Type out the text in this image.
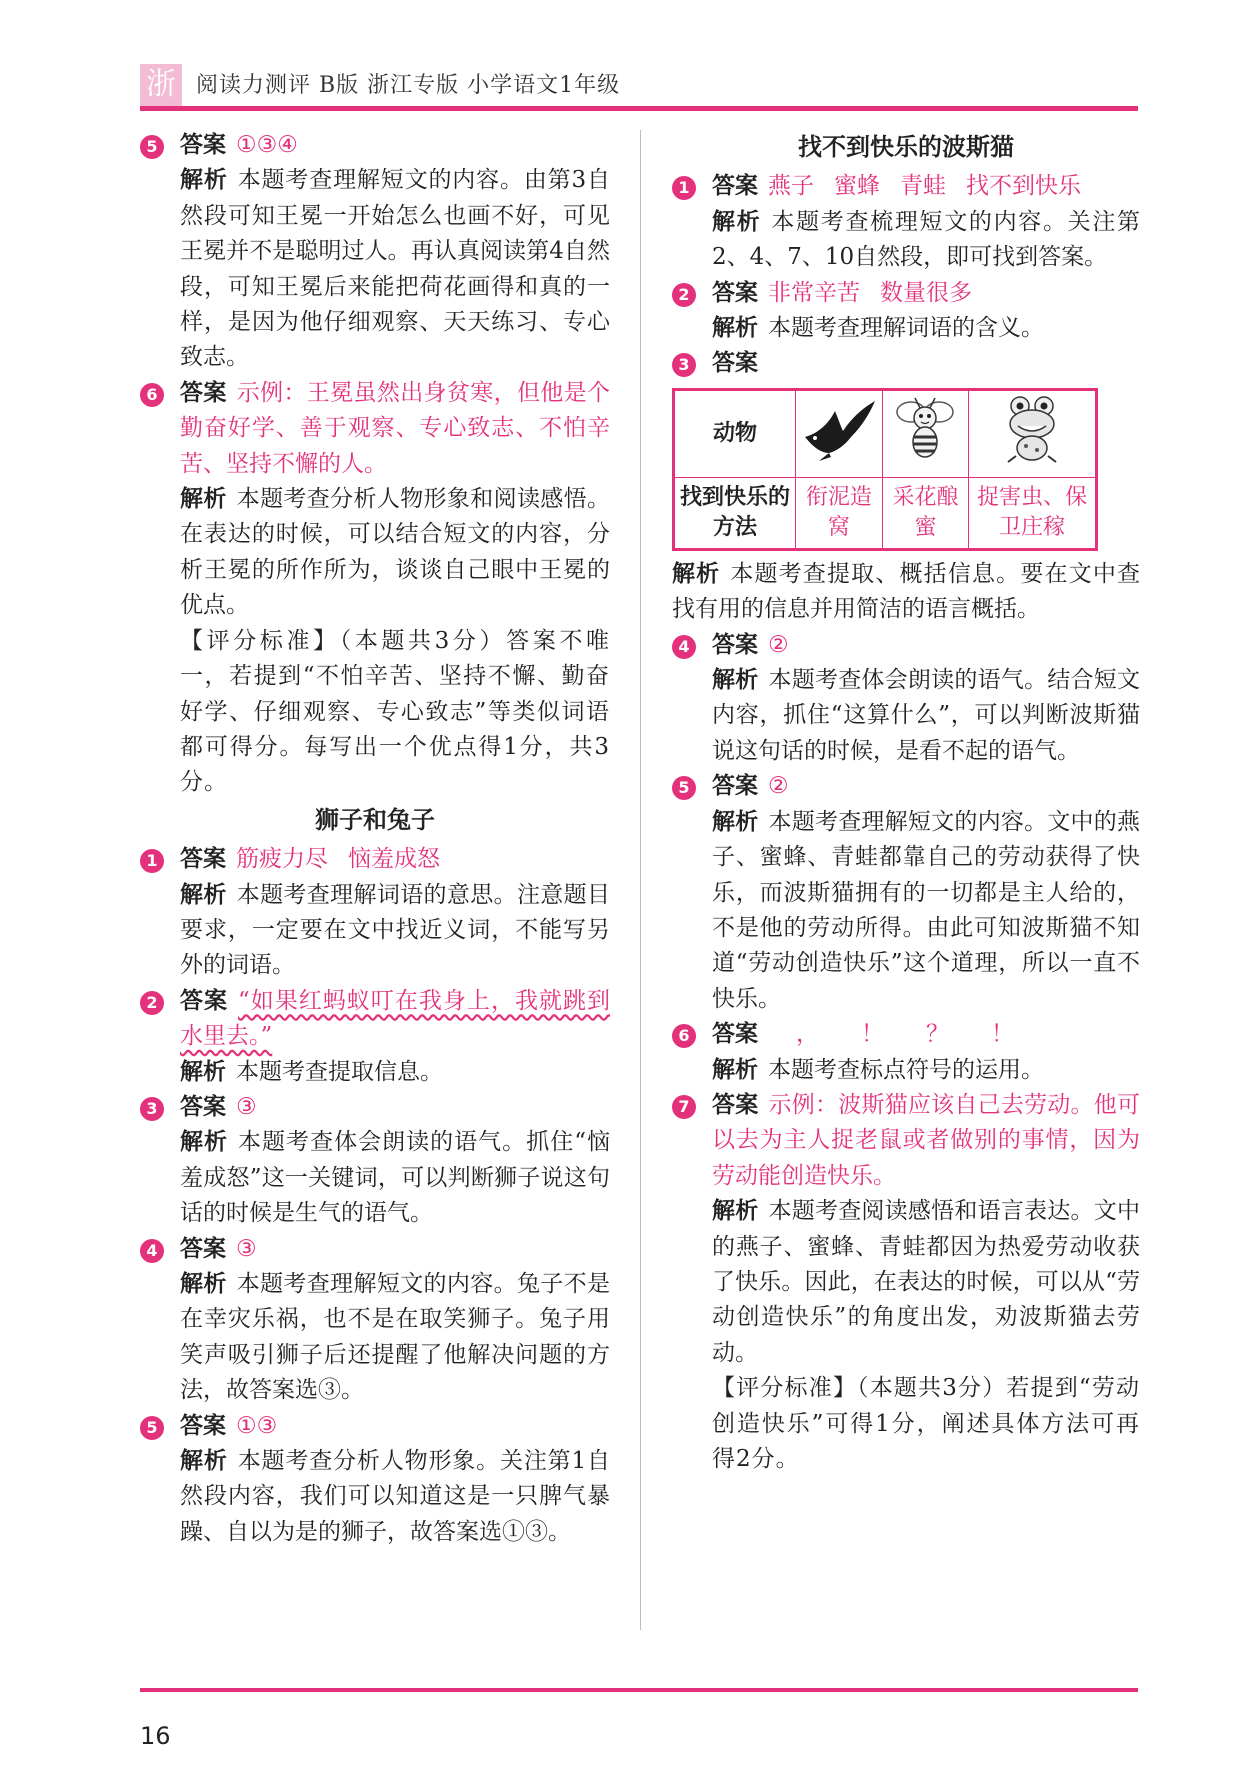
浙 阅读力测评 B版 浙江专版 小学语文1年级
5 答案 ①③④
解析 本题考查理解短文的内容。由第3自然段可知王冕一开始怎么也画不好，可见王冕并不是聪明过人。再认真阅读第4自然段，可知王冕后来能把荷花画得和真的一样，是因为他仔细观察、天天练习、专心致志。
6 答案 示例：王冕虽然出身贫寒，但他是个勤奋好学、善于观察、专心致志、不怕辛苦、坚持不懈的人。
解析 本题考查分析人物形象和阅读感悟。在表达的时候，可以结合短文的内容，分析王冕的所作所为，谈谈自己眼中王冕的优点。
【评分标准】（本题共3分）答案不唯一，若提到“不怕辛苦、坚持不懈、勤奋好学、仔细观察、专心致志”等类似词语都可得分。每写出一个优点得1分，共3分。
狮子和兔子
1 答案 筋疲力尽 恼羞成怒
解析 本题考查理解词语的意思。注意题目要求，一定要在文中找近义词，不能写另外的词语。
2 答案 “如果红蚂蚁叮在我身上，我就跳到水里去。”
解析 本题考查提取信息。
3 答案 ③
解析 本题考查体会朗读的语气。抓住“恼羞成怒”这一关键词，可以判断狮子说这句话的时候是生气的语气。
4 答案 ③
解析 本题考查理解短文的内容。兔子不是在幸灾乐祸，也不是在取笑狮子。兔子用笑声吸引狮子后还提醒了他解决问题的方法，故答案选③。
5 答案 ①③
解析 本题考查分析人物形象。关注第1自然段内容，我们可以知道这是一只脾气暴躁、自以为是的狮子，故答案选①③。
找不到快乐的波斯猫
1 答案 燕子 蜜蜂 青蛙 找不到快乐
解析 本题考查梳理短文的内容。关注第2、4、7、10自然段，即可找到答案。
2 答案 非常辛苦 数量很多
解析 本题考查理解词语的含义。
3 答案
动物			
找到快乐的方法	衔泥造窝	采花酿蜜	捉害虫、保卫庄稼
解析 本题考查提取、概括信息。要在文中查找有用的信息并用简洁的语言概括。
4 答案 ②
解析 本题考查体会朗读的语气。结合短文内容，抓住“这算什么”，可以判断波斯猫说这句话的时候，是看不起的语气。
5 答案 ②
解析 本题考查理解短文的内容。文中的燕子、蜜蜂、青蛙都靠自己的劳动获得了快乐，而波斯猫拥有的一切都是主人给的，不是他的劳动所得。由此可知波斯猫不知道“劳动创造快乐”这个道理，所以一直不快乐。
6 答案 ， ！ ？ ！
解析 本题考查标点符号的运用。
7 答案 示例：波斯猫应该自己去劳动。他可以去为主人捉老鼠或者做别的事情，因为劳动能创造快乐。
解析 本题考查阅读感悟和语言表达。文中的燕子、蜜蜂、青蛙都因为热爱劳动收获了快乐。因此，在表达的时候，可以从“劳动创造快乐”的角度出发，劝波斯猫去劳动。
【评分标准】（本题共3分）若提到“劳动创造快乐”可得1分，阐述具体方法可再得2分。
16
